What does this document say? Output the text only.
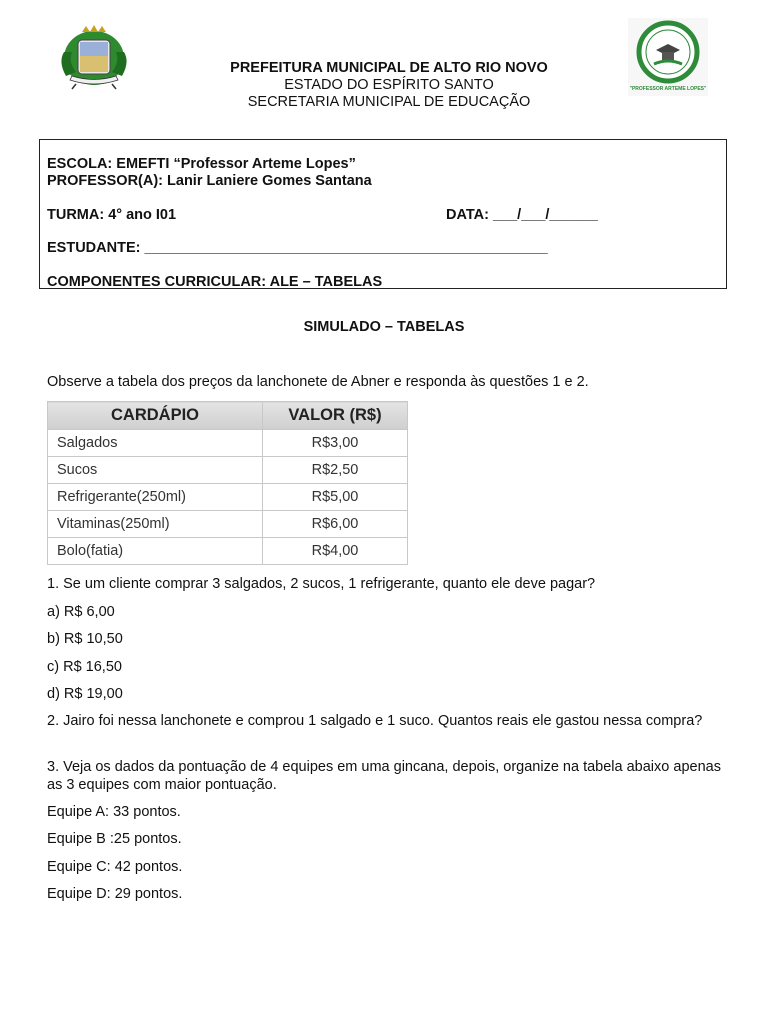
"PROFESSOR ARTEME LOPES"
PREFEITURA MUNICIPAL DE ALTO RIO NOVO
ESTADO DO ESPÍRITO SANTO
SECRETARIA MUNICIPAL DE EDUCAÇÃO
ESCOLA: EMEFTI “Professor Arteme Lopes”
PROFESSOR(A): Lanir Laniere Gomes Santana
TURMA: 4° ano I01	DATA: ___/___/______
ESTUDANTE: __________________________________________________
COMPONENTES CURRICULAR: ALE – TABELAS
SIMULADO – TABELAS
Observe a tabela dos preços da lanchonete de Abner e responda às questões 1 e 2.
CARDÁPIO	VALOR (R$)
Salgados	R$3,00
Sucos	R$2,50
Refrigerante(250ml)	R$5,00
Vitaminas(250ml)	R$6,00
Bolo(fatia)	R$4,00
1. Se um cliente comprar 3 salgados, 2 sucos, 1 refrigerante, quanto ele deve pagar?
a) R$ 6,00
b) R$ 10,50
c) R$ 16,50
d) R$ 19,00
2. Jairo foi nessa lanchonete e comprou 1 salgado e 1 suco. Quantos reais ele gastou nessa compra?
3. Veja os dados da pontuação de 4 equipes em uma gincana, depois, organize na tabela abaixo apenas as 3 equipes com maior pontuação.
Equipe A: 33 pontos.
Equipe B :25 pontos.
Equipe C: 42 pontos.
Equipe D: 29 pontos.
